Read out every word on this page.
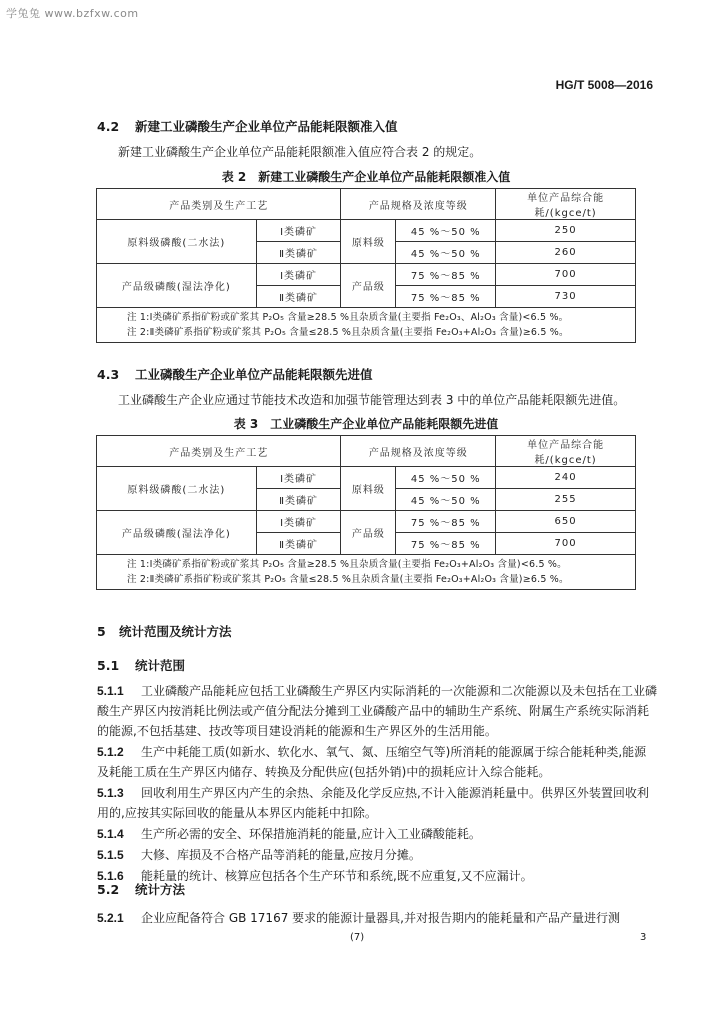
学兔兔 www.bzfxw.com
HG/T 5008—2016
4.2 新建工业磷酸生产企业单位产品能耗限额准入值
新建工业磷酸生产企业单位产品能耗限额准入值应符合表 2 的规定。
表 2 新建工业磷酸生产企业单位产品能耗限额准入值
产品类别及生产工艺		产品规格及浓度等级		单位产品综合能耗/(kgce/t)
原料级磷酸(二水法)	Ⅰ类磷矿	原料级	45 %～50 %	250
	Ⅱ类磷矿		45 %～50 %	260
产品级磷酸(湿法净化)	Ⅰ类磷矿	产品级	75 %～85 %	700
	Ⅱ类磷矿		75 %～85 %	730

注 1:Ⅰ类磷矿系指矿粉或矿浆其 P₂O₅ 含量≥28.5 %且杂质含量(主要指 Fe₂O₃、Al₂O₃ 含量)<6.5 %。
注 2:Ⅱ类磷矿系指矿粉或矿浆其 P₂O₅ 含量≤28.5 %且杂质含量(主要指 Fe₂O₃+Al₂O₃ 含量)≥6.5 %。				
4.3 工业磷酸生产企业单位产品能耗限额先进值
工业磷酸生产企业应通过节能技术改造和加强节能管理达到表 3 中的单位产品能耗限额先进值。
表 3 工业磷酸生产企业单位产品能耗限额先进值
产品类别及生产工艺		产品规格及浓度等级		单位产品综合能耗/(kgce/t)
原料级磷酸(二水法)	Ⅰ类磷矿	原料级	45 %～50 %	240
	Ⅱ类磷矿		45 %～50 %	255
产品级磷酸(湿法净化)	Ⅰ类磷矿	产品级	75 %～85 %	650
	Ⅱ类磷矿		75 %～85 %	700

注 1:Ⅰ类磷矿系指矿粉或矿浆其 P₂O₅ 含量≥28.5 %且杂质含量(主要指 Fe₂O₃+Al₂O₃ 含量)<6.5 %。
注 2:Ⅱ类磷矿系指矿粉或矿浆其 P₂O₅ 含量≤28.5 %且杂质含量(主要指 Fe₂O₃+Al₂O₃ 含量)≥6.5 %。				
5 统计范围及统计方法
5.1 统计范围
5.1.1 工业磷酸产品能耗应包括工业磷酸生产界区内实际消耗的一次能源和二次能源以及未包括在工业磷酸生产界区内按消耗比例法或产值分配法分摊到工业磷酸产品中的辅助生产系统、附属生产系统实际消耗的能源,不包括基建、技改等项目建设消耗的能源和生产界区外的生活用能。
5.1.2 生产中耗能工质(如新水、软化水、氧气、氮、压缩空气等)所消耗的能源属于综合能耗种类,能源及耗能工质在生产界区内储存、转换及分配供应(包括外销)中的损耗应计入综合能耗。
5.1.3 回收利用生产界区内产生的余热、余能及化学反应热,不计入能源消耗量中。供界区外装置回收利用的,应按其实际回收的能量从本界区内能耗中扣除。
5.1.4 生产所必需的安全、环保措施消耗的能量,应计入工业磷酸能耗。
5.1.5 大修、库损及不合格产品等消耗的能量,应按月分摊。
5.1.6 能耗量的统计、核算应包括各个生产环节和系统,既不应重复,又不应漏计。
5.2 统计方法
5.2.1 企业应配备符合 GB 17167 要求的能源计量器具,并对报告期内的能耗量和产品产量进行测
(7)	3
